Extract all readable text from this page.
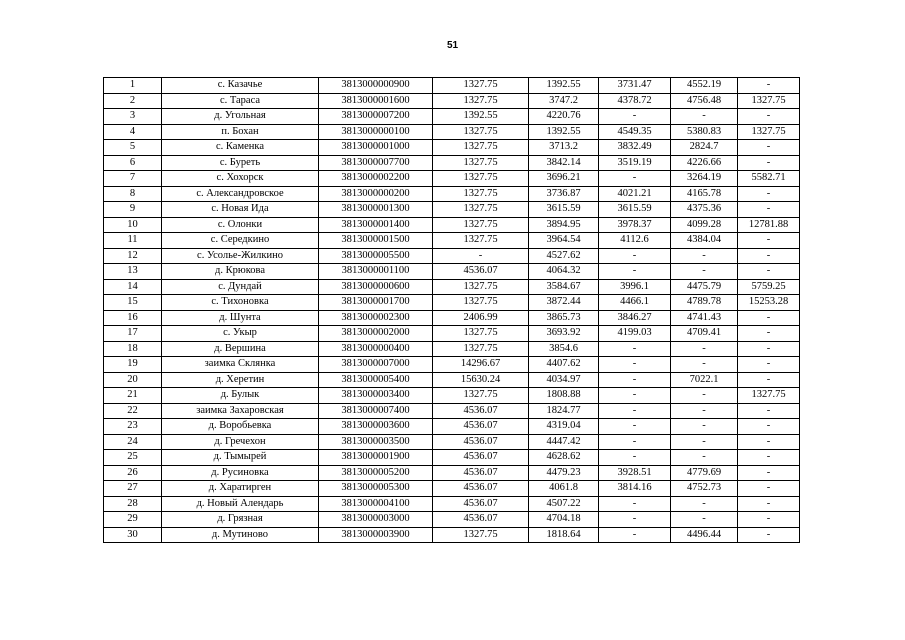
51
1	с. Казачье	3813000000900	1327.75	1392.55	3731.47	4552.19	-
2	с. Тараса	3813000001600	1327.75	3747.2	4378.72	4756.48	1327.75
3	д. Угольная	3813000007200	1392.55	4220.76	-	-	-
4	п. Бохан	3813000000100	1327.75	1392.55	4549.35	5380.83	1327.75
5	с. Каменка	3813000001000	1327.75	3713.2	3832.49	2824.7	-
6	с. Буреть	3813000007700	1327.75	3842.14	3519.19	4226.66	-
7	с. Хохорск	3813000002200	1327.75	3696.21	-	3264.19	5582.71
8	с. Александровское	3813000000200	1327.75	3736.87	4021.21	4165.78	-
9	с. Новая Ида	3813000001300	1327.75	3615.59	3615.59	4375.36	-
10	с. Олонки	3813000001400	1327.75	3894.95	3978.37	4099.28	12781.88
11	с. Середкино	3813000001500	1327.75	3964.54	4112.6	4384.04	-
12	с. Усолье-Жилкино	3813000005500	-	4527.62	-	-	-
13	д. Крюкова	3813000001100	4536.07	4064.32	-	-	-
14	с. Дундай	3813000000600	1327.75	3584.67	3996.1	4475.79	5759.25
15	с. Тихоновка	3813000001700	1327.75	3872.44	4466.1	4789.78	15253.28
16	д. Шунта	3813000002300	2406.99	3865.73	3846.27	4741.43	-
17	с. Укыр	3813000002000	1327.75	3693.92	4199.03	4709.41	-
18	д. Вершина	3813000000400	1327.75	3854.6	-	-	-
19	заимка Склянка	3813000007000	14296.67	4407.62	-	-	-
20	д. Херетин	3813000005400	15630.24	4034.97	-	7022.1	-
21	д. Булык	3813000003400	1327.75	1808.88	-	-	1327.75
22	заимка Захаровская	3813000007400	4536.07	1824.77	-	-	-
23	д. Воробьевка	3813000003600	4536.07	4319.04	-	-	-
24	д. Гречехон	3813000003500	4536.07	4447.42	-	-	-
25	д. Тымырей	3813000001900	4536.07	4628.62	-	-	-
26	д. Русиновка	3813000005200	4536.07	4479.23	3928.51	4779.69	-
27	д. Харатирген	3813000005300	4536.07	4061.8	3814.16	4752.73	-
28	д. Новый Алендарь	3813000004100	4536.07	4507.22	-	-	-
29	д. Грязная	3813000003000	4536.07	4704.18	-	-	-
30	д. Мутиново	3813000003900	1327.75	1818.64	-	4496.44	-
